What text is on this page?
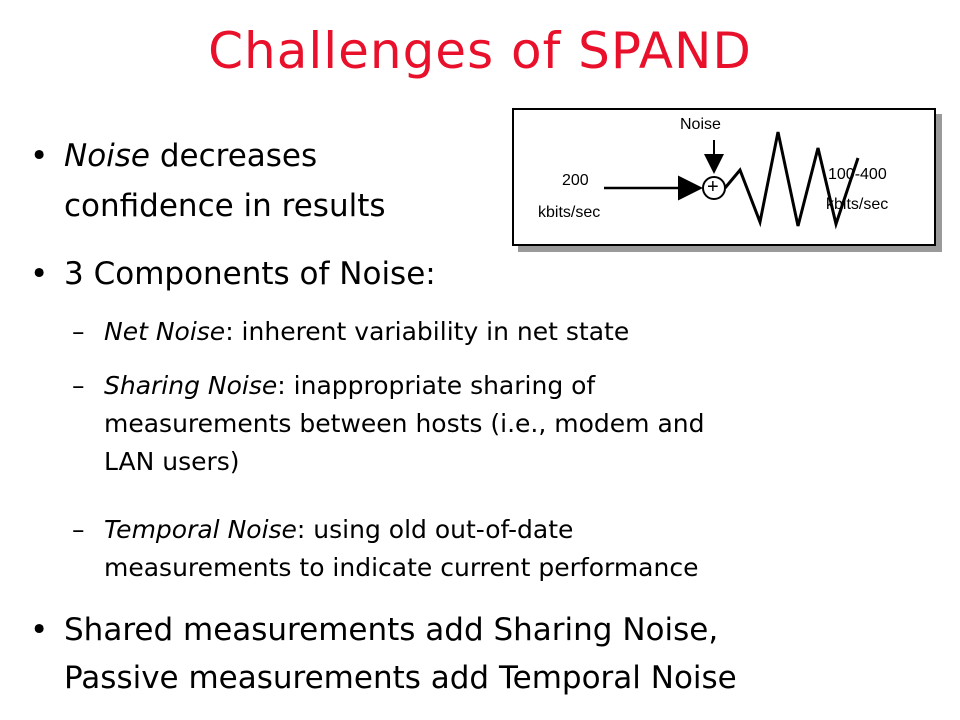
Challenges of SPAND
• Noise decreases
confidence in results
• 3 Components of Noise:
– Net Noise: inherent variability in net state
– Sharing Noise: inappropriate sharing of
measurements between hosts (i.e., modem and
LAN users)
– Temporal Noise: using old out-of-date
measurements to indicate current performance
• Shared measurements add Sharing Noise,
Passive measurements add Temporal Noise
Noise
+
200
kbits/sec
100-400
kbits/sec
